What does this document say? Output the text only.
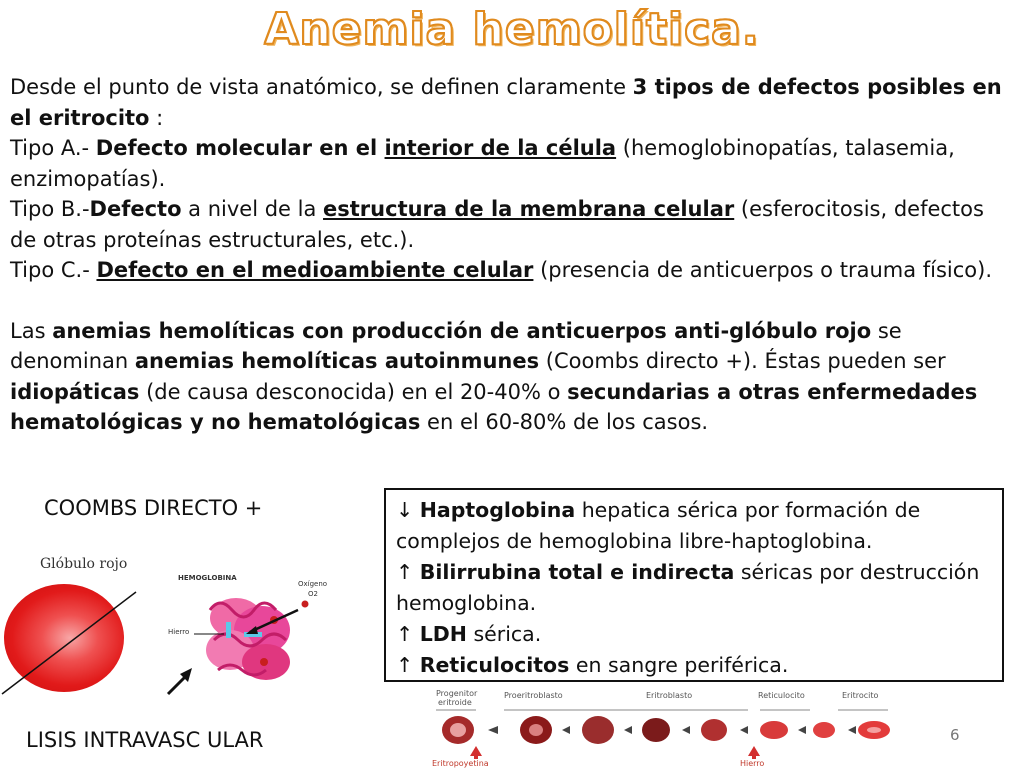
Anemia hemolítica.

Desde el punto de vista anatómico, se definen claramente 3 tipos de defectos posibles en el eritrocito :

Tipo A.- Defecto molecular en el interior de la célula (hemoglobinopatías, talasemia, enzimopatías).

Tipo B.-Defecto a nivel de la estructura de la membrana celular (esferocitosis, defectos de otras proteínas estructurales, etc.).

Tipo C.- Defecto en el medioambiente celular (presencia de anticuerpos o trauma físico).

Las anemias hemolíticas con producción de anticuerpos anti-glóbulo rojo se denominan anemias hemolíticas autoinmunes (Coombs directo +). Éstas pueden ser idiopáticas (de causa desconocida) en el 20-40% o secundarias a otras enfermedades hematológicas y no hematológicas en el 60-80% de los casos.

COOMBS DIRECTO +	↓ Haptoglobina hepatica sérica por formación de complejos de hemoglobina libre-haptoglobina.

↑ Bilirrubina total e indirecta séricas por destrucción hemoglobina.

↑ LDH sérica.

↑ Reticulocitos en sangre periférica.

Glóbulo rojo
HEMOGLOBINA
Oxígeno
O2
Hierro
Progenitor
eritroide
Proeritroblasto	Eritroblasto	Reticulocito	Eritrocito
Eritropoyetina	Hierro
LISIS INTRAVASC ULAR	6
